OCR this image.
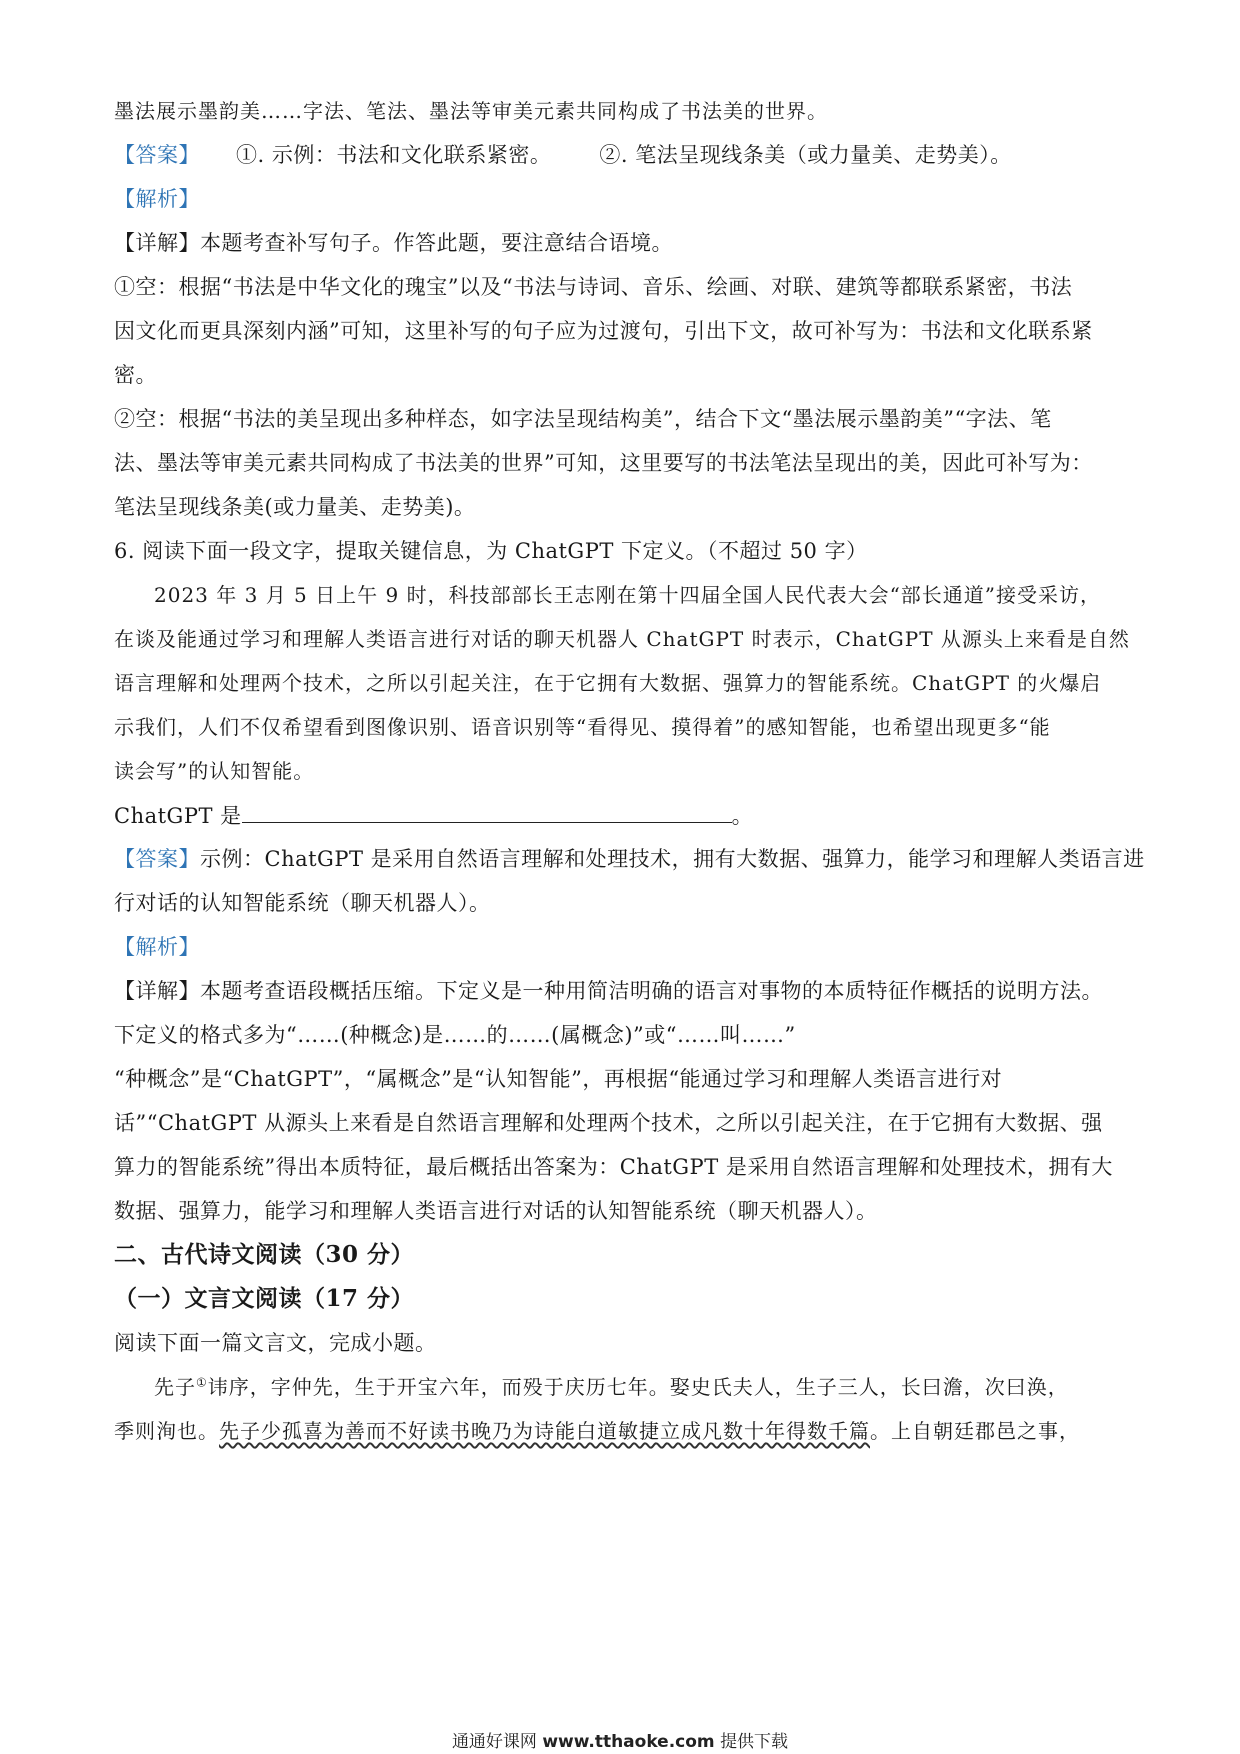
墨法展示墨韵美……字法、笔法、墨法等审美元素共同构成了书法美的世界。
【答案】 ①. 示例：书法和文化联系紧密。 ②. 笔法呈现线条美（或力量美、走势美）。
【解析】
【详解】本题考查补写句子。作答此题，要注意结合语境。
①空：根据“书法是中华文化的瑰宝”以及“书法与诗词、音乐、绘画、对联、建筑等都联系紧密，书法
因文化而更具深刻内涵”可知，这里补写的句子应为过渡句，引出下文，故可补写为：书法和文化联系紧
密。
②空：根据“书法的美呈现出多种样态，如字法呈现结构美”，结合下文“墨法展示墨韵美”“字法、笔
法、墨法等审美元素共同构成了书法美的世界”可知，这里要写的书法笔法呈现出的美，因此可补写为：
笔法呈现线条美(或力量美、走势美)。
6. 阅读下面一段文字，提取关键信息，为 ChatGPT 下定义。（不超过 50 字）
2023 年 3 月 5 日上午 9 时，科技部部长王志刚在第十四届全国人民代表大会“部长通道”接受采访，
在谈及能通过学习和理解人类语言进行对话的聊天机器人 ChatGPT 时表示，ChatGPT 从源头上来看是自然
语言理解和处理两个技术，之所以引起关注，在于它拥有大数据、强算力的智能系统。ChatGPT 的火爆启
示我们，人们不仅希望看到图像识别、语音识别等“看得见、摸得着”的感知智能，也希望出现更多“能
读会写”的认知智能。
ChatGPT 是	。
【答案】示例：ChatGPT 是采用自然语言理解和处理技术，拥有大数据、强算力，能学习和理解人类语言进
行对话的认知智能系统（聊天机器人）。
【解析】
【详解】本题考查语段概括压缩。下定义是一种用简洁明确的语言对事物的本质特征作概括的说明方法。
下定义的格式多为“……(种概念)是……的……(属概念)”或“……叫……”
“种概念”是“ChatGPT”，“属概念”是“认知智能”，再根据“能通过学习和理解人类语言进行对
话”“ChatGPT 从源头上来看是自然语言理解和处理两个技术，之所以引起关注，在于它拥有大数据、强
算力的智能系统”得出本质特征，最后概括出答案为：ChatGPT 是采用自然语言理解和处理技术，拥有大
数据、强算力，能学习和理解人类语言进行对话的认知智能系统（聊天机器人）。
二、古代诗文阅读（30 分）
（一）文言文阅读（17 分）
阅读下面一篇文言文，完成小题。
先子①讳序，字仲先，生于开宝六年，而殁于庆历七年。娶史氏夫人，生子三人，长曰澹，次曰涣，
季则洵也。先子少孤喜为善而不好读书晚乃为诗能白道敏捷立成凡数十年得数千篇。上自朝廷郡邑之事，
通通好课网 www.tthaoke.com 提供下载
